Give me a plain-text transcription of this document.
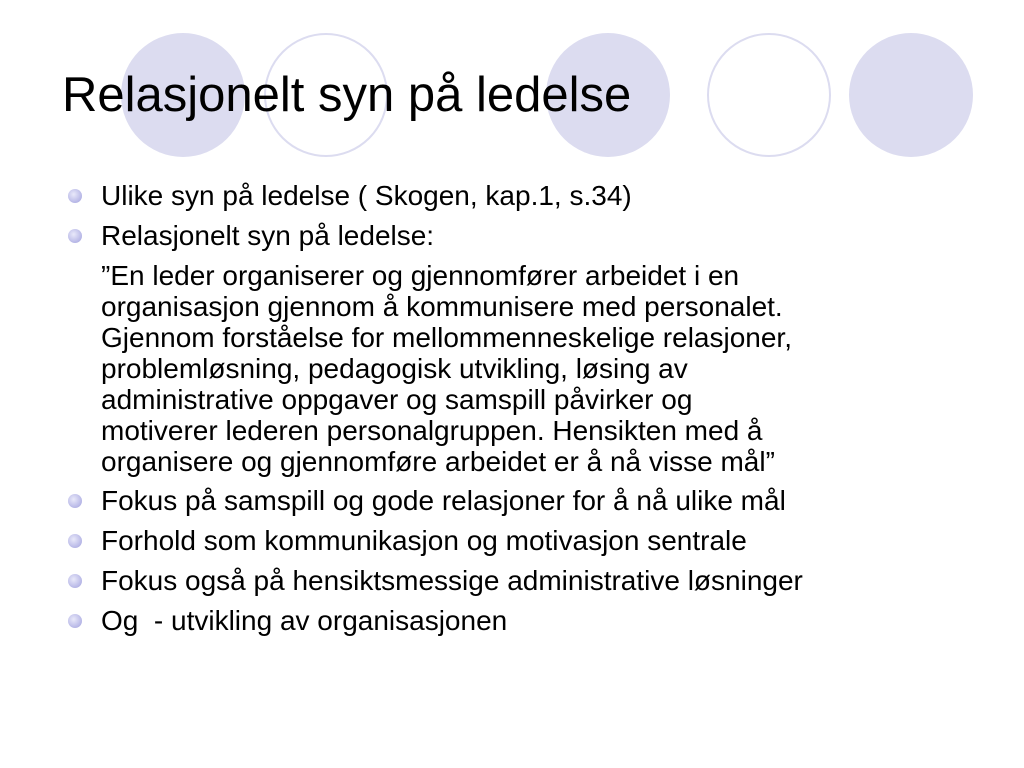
Relasjonelt syn på ledelse
Ulike syn på ledelse ( Skogen, kap.1, s.34)
Relasjonelt syn på ledelse:
”En leder organiserer og gjennomfører arbeidet i en
organisasjon gjennom å kommunisere med personalet.
Gjennom forståelse for mellommenneskelige relasjoner,
problemløsning, pedagogisk utvikling, løsing av
administrative oppgaver og samspill påvirker og
motiverer lederen personalgruppen. Hensikten med å
organisere og gjennomføre arbeidet er å nå visse mål”
Fokus på samspill og gode relasjoner for å nå ulike mål
Forhold som kommunikasjon og motivasjon sentrale
Fokus også på hensiktsmessige administrative løsninger
Og  - utvikling av organisasjonen
